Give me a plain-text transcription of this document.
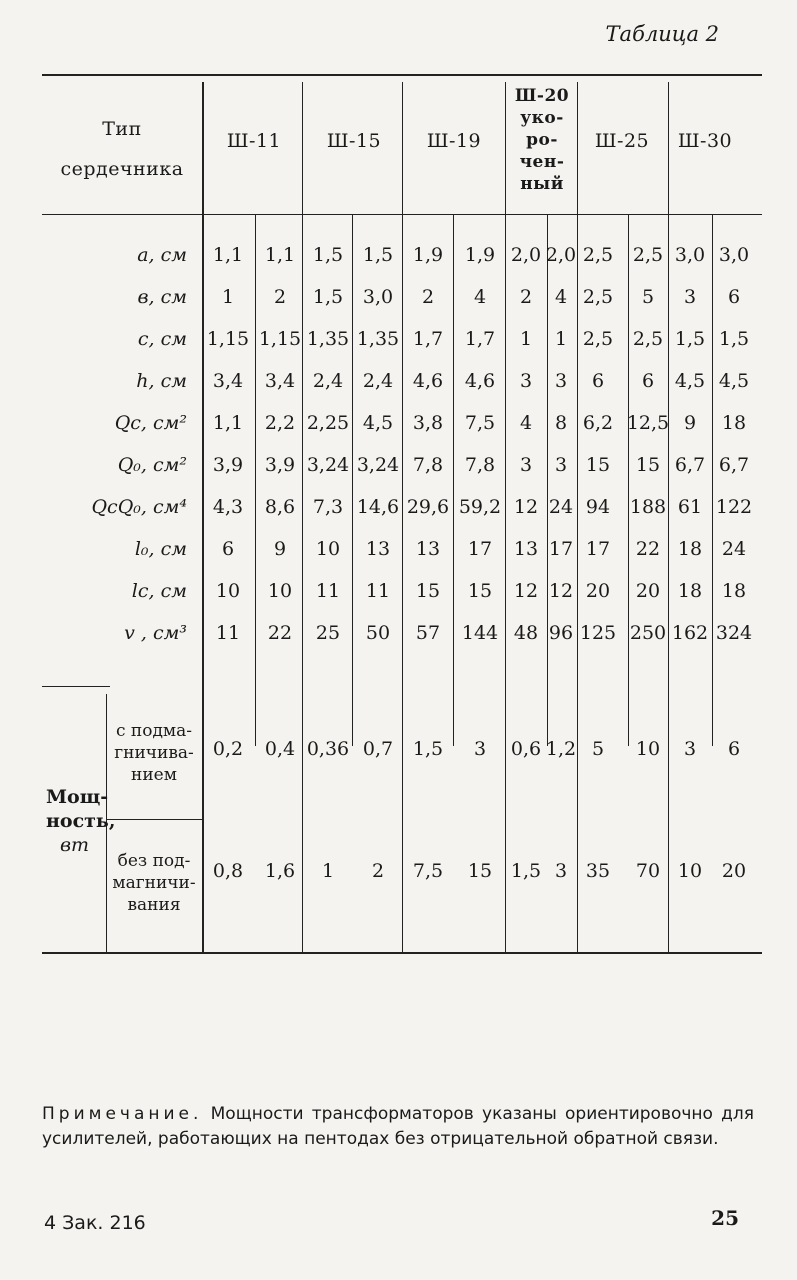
Таблица 2
Тип
сердечника
Ш-11 Ш-15 Ш-19
Ш-20
уко-
ро-
чен-
ный
Ш-25 Ш-30
a, см 1,1 1,1 1,5 1,5 1,9 1,9 2,0 2,0 2,5 2,5 3,0 3,0
в, см 1 2 1,5 3,0 2 4 2 4 2,5 5 3 6
c, см 1,15 1,15 1,35 1,35 1,7 1,7 1 1 2,5 2,5 1,5 1,5
h, см 3,4 3,4 2,4 2,4 4,6 4,6 3 3 6 6 4,5 4,5
Qс, см² 1,1 2,2 2,25 4,5 3,8 7,5 4 8 6,2 12,5 9 18
Q₀, см² 3,9 3,9 3,24 3,24 7,8 7,8 3 3 15 15 6,7 6,7
QсQ₀, см⁴ 4,3 8,6 7,3 14,6 29,6 59,2 12 24 94 188 61 122
l₀, см 6 9 10 13 13 17 13 17 17 22 18 24
lс, см 10 10 11 11 15 15 12 12 20 20 18 18
v , см³ 11 22 25 50 57 144 48 96 125 250 162 324
Мощ-
ность,
вт
с подма-гничива-нием
без под-магничи-вания
0,2 0,4 0,36 0,7 1,5 3 0,6 1,2 5 10 3 6
0,8 1,6 1 2 7,5 15 1,5 3 35 70 10 20
Примечание. Мощности трансформаторов указаны ориентировочно для усилителей, работающих на пентодах без отрицательной обратной связи.
4 Зак. 216	25
